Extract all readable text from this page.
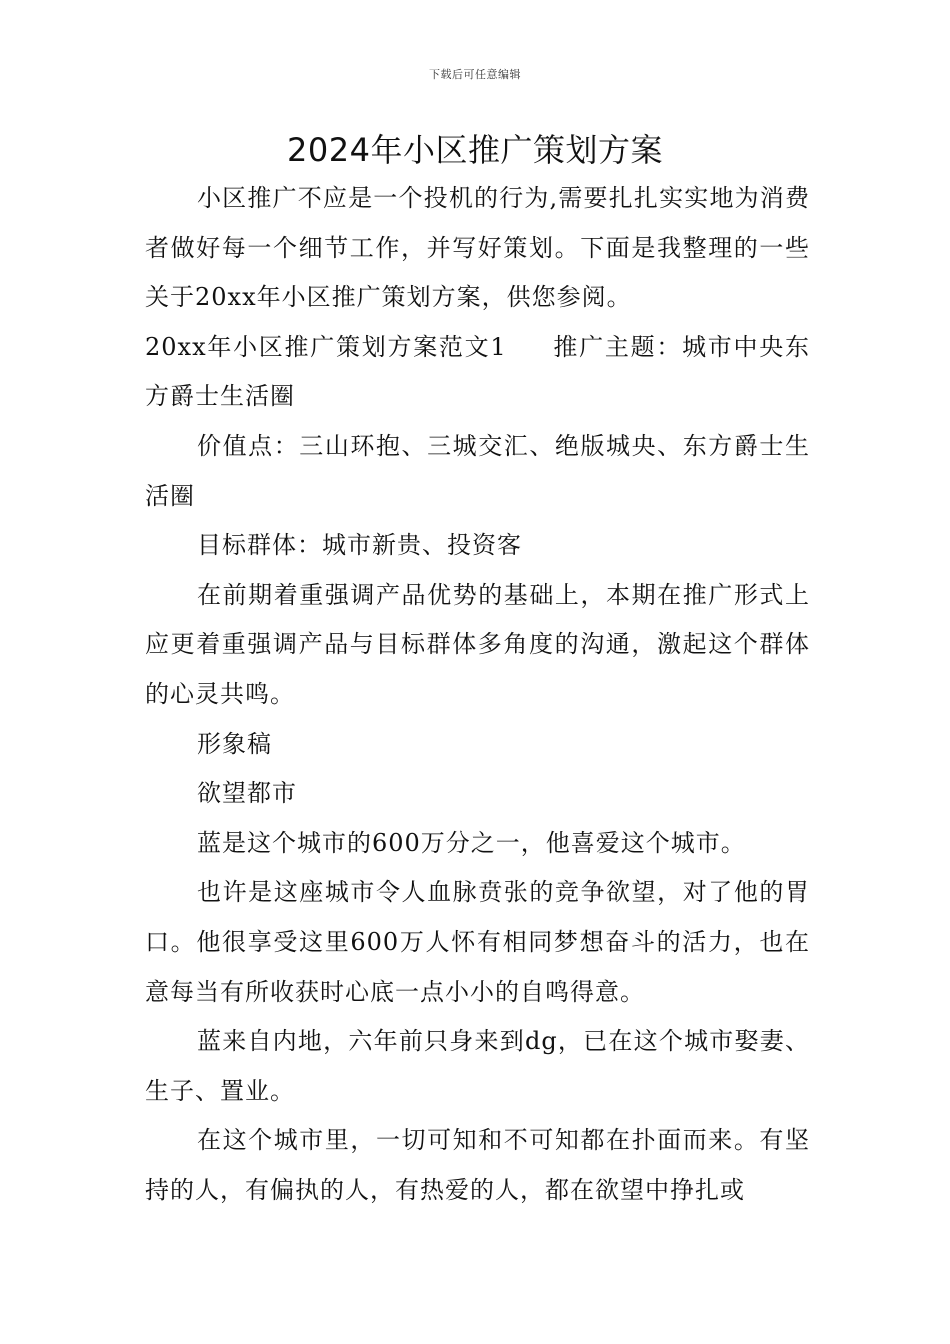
下载后可任意编辑
2024年小区推广策划方案

小区推广不应是一个投机的行为,需要扎扎实实地为消费者做好每一个细节工作，并写好策划。下面是我整理的一些关于20xx年小区推广策划方案，供您参阅。

20xx年小区推广策划方案范文1 推广主题：城市中央东方爵士生活圈

价值点：三山环抱、三城交汇、绝版城央、东方爵士生活圈

目标群体：城市新贵、投资客

在前期着重强调产品优势的基础上，本期在推广形式上应更着重强调产品与目标群体多角度的沟通，激起这个群体的心灵共鸣。

形象稿

欲望都市

蓝是这个城市的600万分之一，他喜爱这个城市。

也许是这座城市令人血脉贲张的竞争欲望，对了他的胃口。他很享受这里600万人怀有相同梦想奋斗的活力，也在意每当有所收获时心底一点小小的自鸣得意。

蓝来自内地，六年前只身来到dg，已在这个城市娶妻、生子、置业。

在这个城市里，一切可知和不可知都在扑面而来。有坚持的人，有偏执的人，有热爱的人，都在欲望中挣扎或
